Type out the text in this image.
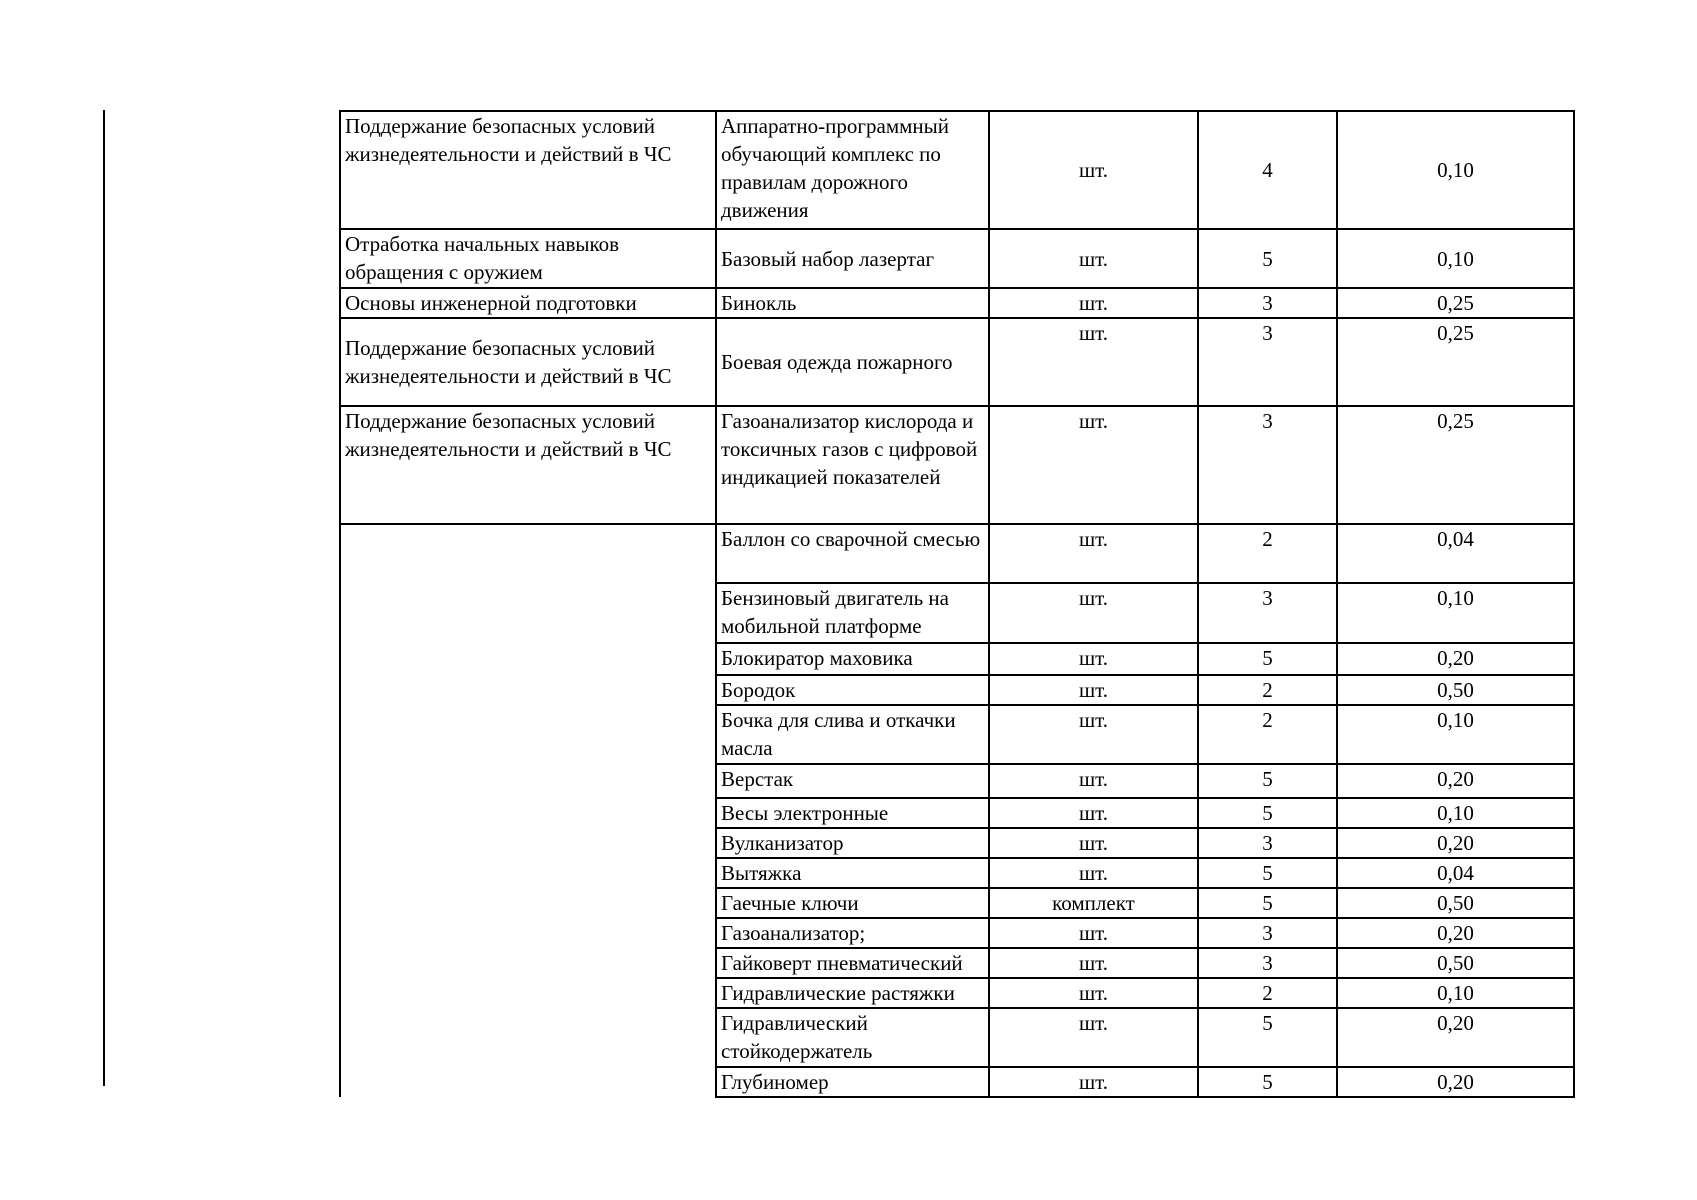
Поддержание безопасных условий жизнедеятельности и действий в ЧС	Аппаратно-программный обучающий комплекс по правилам дорожного движения	шт.	4	0,10
Отработка начальных навыков обращения с оружием	Базовый набор лазертаг	шт.	5	0,10
Основы инженерной подготовки	Бинокль	шт.	3	0,25
Поддержание безопасных условий жизнедеятельности и действий в ЧС	Боевая одежда пожарного	шт.	3	0,25
Поддержание безопасных условий жизнедеятельности и действий в ЧС	Газоанализатор кислорода и токсичных газов с цифровой индикацией показателей	шт.	3	0,25
	Баллон со сварочной смесью	шт.	2	0,04
	Бензиновый двигатель на мобильной платформе	шт.	3	0,10
	Блокиратор маховика	шт.	5	0,20
	Бородок	шт.	2	0,50
	Бочка для слива и откачки масла	шт.	2	0,10
	Верстак	шт.	5	0,20
	Весы электронные	шт.	5	0,10
	Вулканизатор	шт.	3	0,20
	Вытяжка	шт.	5	0,04
	Гаечные ключи	комплект	5	0,50
	Газоанализатор;	шт.	3	0,20
	Гайковерт пневматический	шт.	3	0,50
	Гидравлические растяжки	шт.	2	0,10
	Гидравлический стойкодержатель	шт.	5	0,20
	Глубиномер	шт.	5	0,20
